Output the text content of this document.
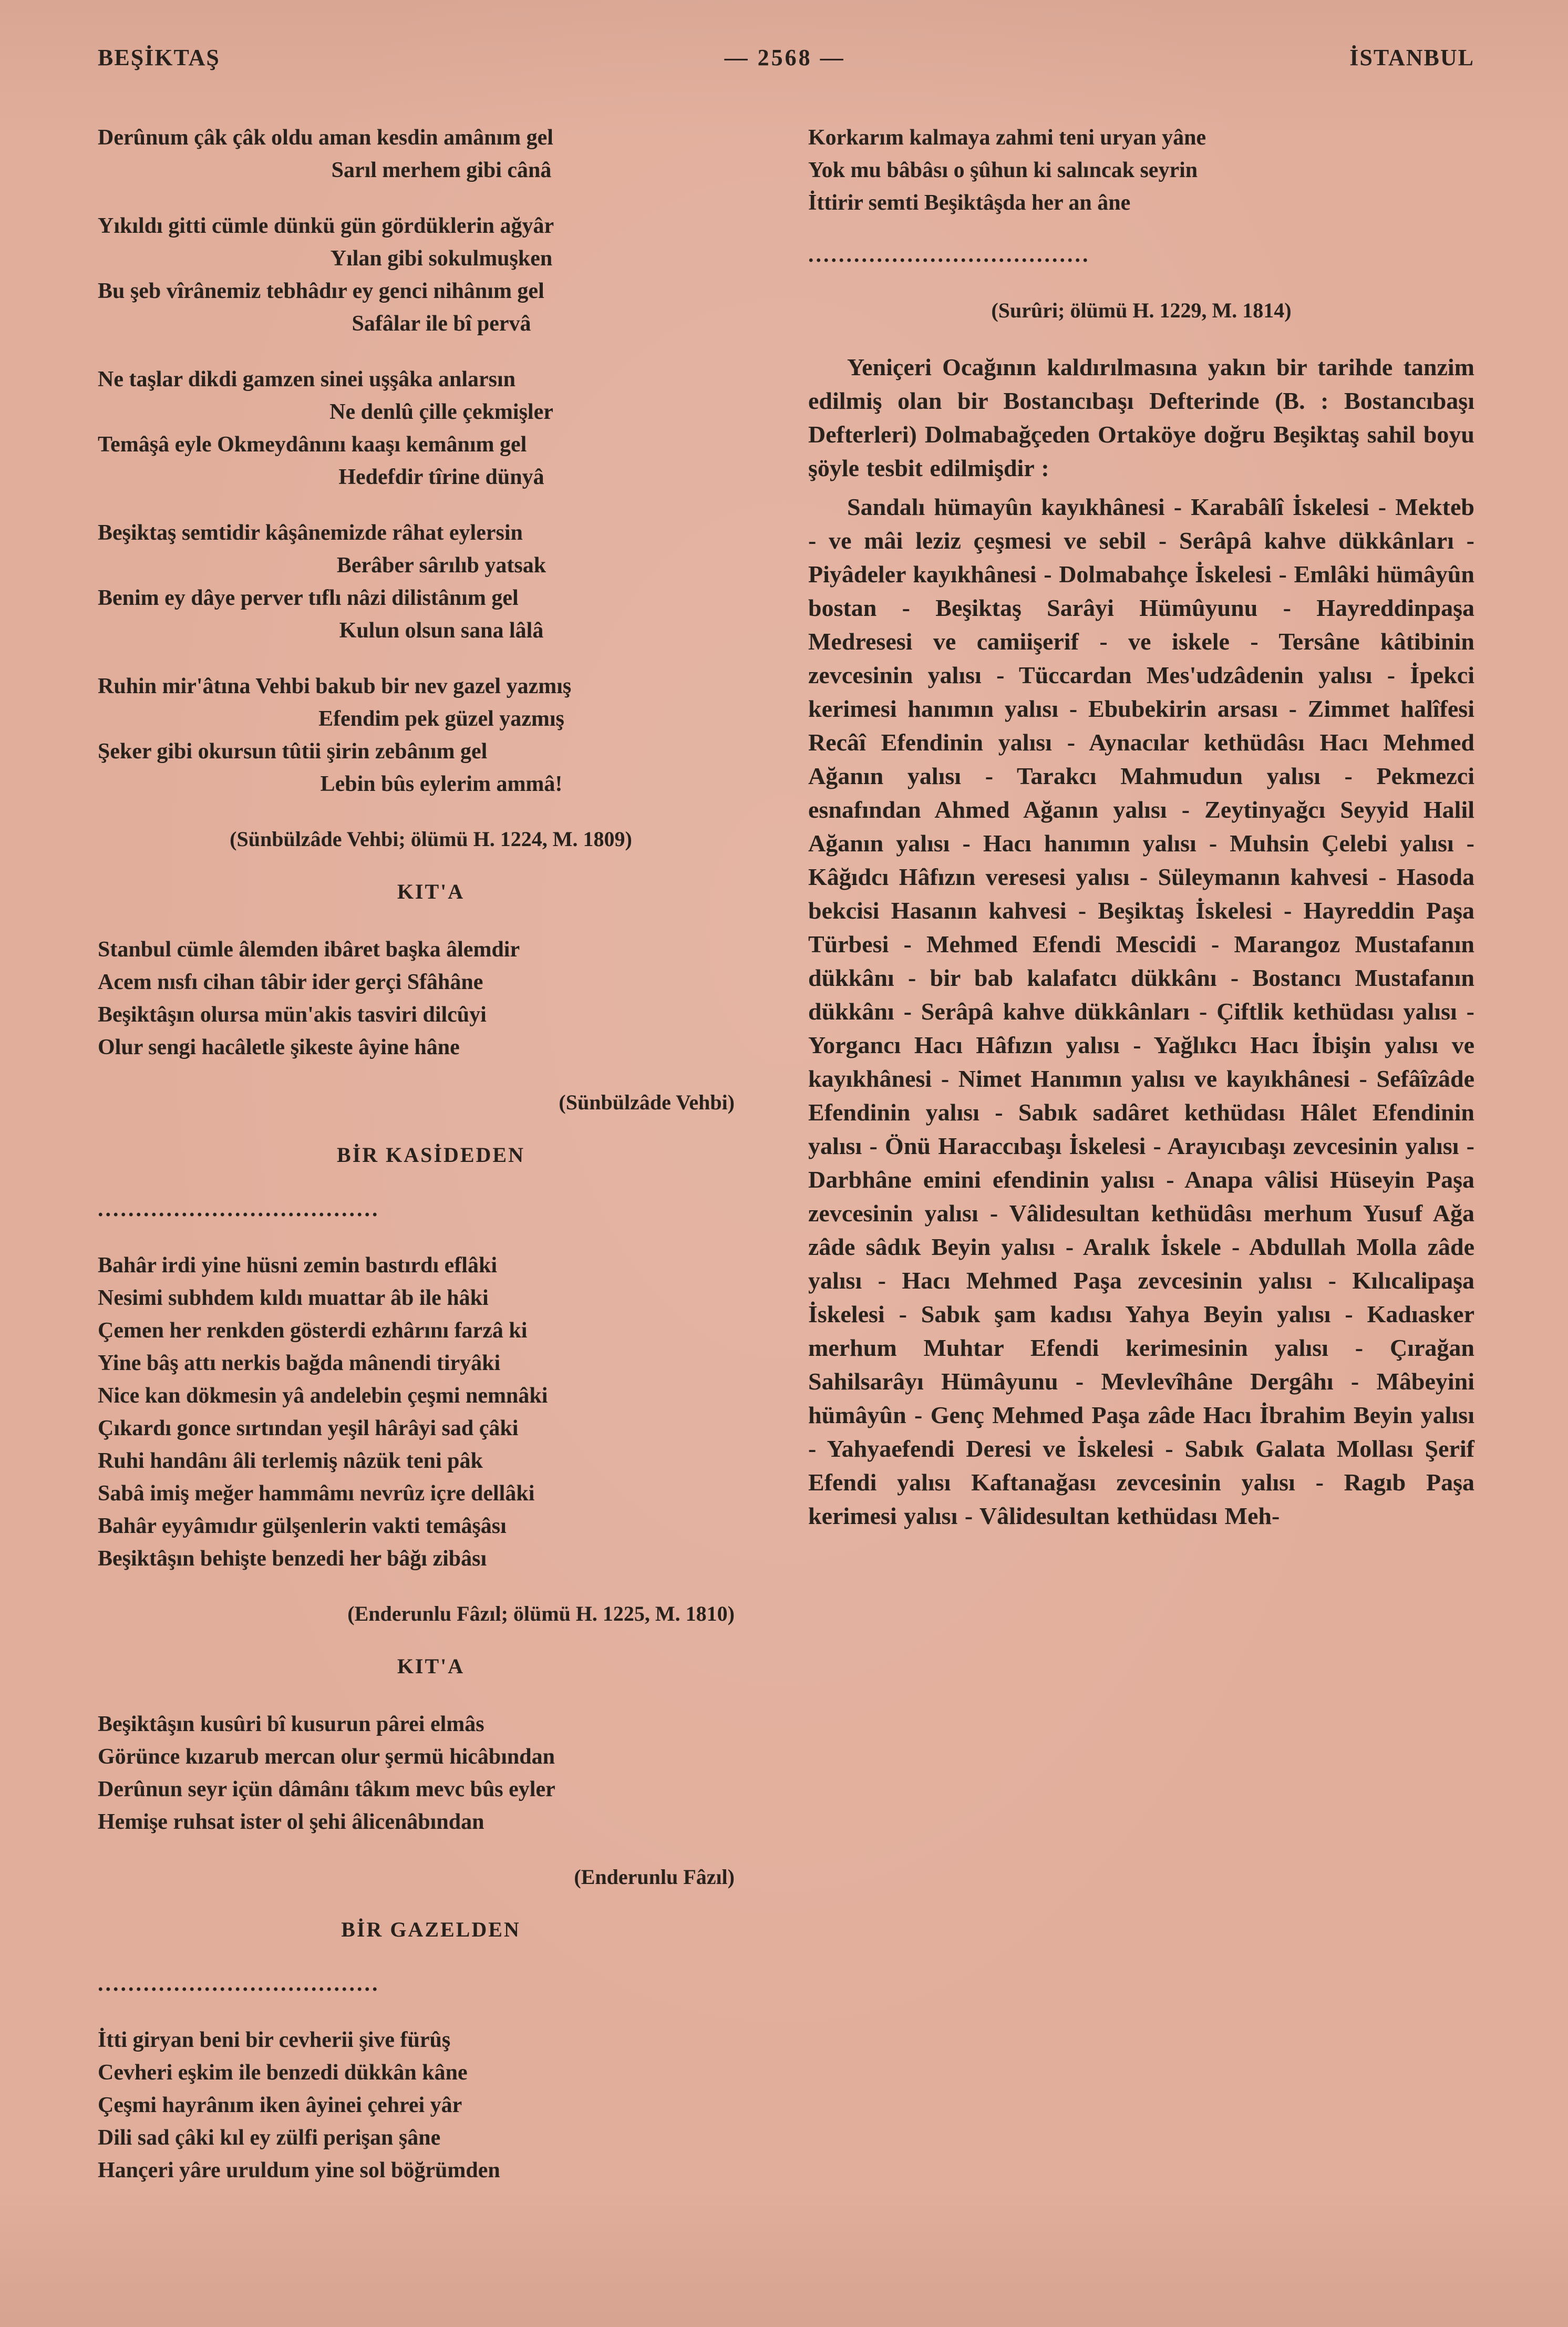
BEŞİKTAŞ	— 2568 —	İSTANBUL
Derûnum çâk çâk oldu aman kesdin amânım gel
Sarıl merhem gibi cânâ
Yıkıldı gitti cümle dünkü gün gördüklerin ağyâr
Yılan gibi sokulmuşken
Bu şeb vîrânemiz tebhâdır ey genci nihânım gel
Safâlar ile bî pervâ
Ne taşlar dikdi gamzen sinei uşşâka anlarsın
Ne denlû çille çekmişler
Temâşâ eyle Okmeydânını kaaşı kemânım gel
Hedefdir tîrine dünyâ
Beşiktaş semtidir kâşânemizde râhat eylersin
Berâber sârılıb yatsak
Benim ey dâye perver tıflı nâzi dilistânım gel
Kulun olsun sana lâlâ
Ruhin mir'âtına Vehbi bakub bir nev gazel yazmış
Efendim pek güzel yazmış
Şeker gibi okursun tûtii şirin zebânım gel
Lebin bûs eylerim ammâ!
(Sünbülzâde Vehbi; ölümü H. 1224, M. 1809)
KIT'A
Stanbul cümle âlemden ibâret başka âlemdir
Acem nısfı cihan tâbir ider gerçi Sfâhâne
Beşiktâşın olursa mün'akis tasviri dilcûyi
Olur sengi hacâletle şikeste âyine hâne
(Sünbülzâde Vehbi)
BİR KASİDEDEN
.....................................
Bahâr irdi yine hüsni zemin bastırdı eflâki
Nesimi subhdem kıldı muattar âb ile hâki
Çemen her renkden gösterdi ezhârını farzâ ki
Yine bâş attı nerkis bağda mânendi tiryâki
Nice kan dökmesin yâ andelebin çeşmi nemnâki
Çıkardı gonce sırtından yeşil hârâyi sad çâki
Ruhi handânı âli terlemiş nâzük teni pâk
Sabâ imiş meğer hammâmı nevrûz içre dellâki
Bahâr eyyâmıdır gülşenlerin vakti temâşâsı
Beşiktâşın behişte benzedi her bâğı zibâsı
(Enderunlu Fâzıl; ölümü H. 1225, M. 1810)
KIT'A
Beşiktâşın kusûri bî kusurun pârei elmâs
Görünce kızarub mercan olur şermü hicâbından
Derûnun seyr içün dâmânı tâkım mevc bûs eyler
Hemişe ruhsat ister ol şehi âlicenâbından
(Enderunlu Fâzıl)
BİR GAZELDEN
.....................................
İtti giryan beni bir cevherii şive fürûş
Cevheri eşkim ile benzedi dükkân kâne
Çeşmi hayrânım iken âyinei çehrei yâr
Dili sad çâki kıl ey zülfi perişan şâne
Hançeri yâre uruldum yine sol böğrümden
Korkarım kalmaya zahmi teni uryan yâne
Yok mu bâbâsı o şûhun ki salıncak seyrin
İttirir semti Beşiktâşda her an âne
.....................................
(Surûri; ölümü H. 1229, M. 1814)
Yeniçeri Ocağının kaldırılmasına yakın bir tarihde tanzim edilmiş olan bir Bostancıbaşı Defterinde (B. : Bostancıbaşı Defterleri) Dolmabağçeden Ortaköye doğru Beşiktaş sahil boyu şöyle tesbit edilmişdir :
Sandalı hümayûn kayıkhânesi - Karabâlî İskelesi - Mekteb - ve mâi leziz çeşmesi ve sebil - Serâpâ kahve dükkânları - Piyâdeler kayıkhânesi - Dolmabahçe İskelesi - Emlâki hümâyûn bostan - Beşiktaş Sarâyi Hümûyunu - Hayreddinpaşa Medresesi ve camiişerif - ve iskele - Tersâne kâtibinin zevcesinin yalısı - Tüccardan Mes'udzâdenin yalısı - İpekci kerimesi hanımın yalısı - Ebubekirin arsası - Zimmet halîfesi Recâî Efendinin yalısı - Aynacılar kethüdâsı Hacı Mehmed Ağanın yalısı - Tarakcı Mahmudun yalısı - Pekmezci esnafından Ahmed Ağanın yalısı - Zeytinyağcı Seyyid Halil Ağanın yalısı - Hacı hanımın yalısı - Muhsin Çelebi yalısı - Kâğıdcı Hâfızın veresesi yalısı - Süleymanın kahvesi - Hasoda bekcisi Hasanın kahvesi - Beşiktaş İskelesi - Hayreddin Paşa Türbesi - Mehmed Efendi Mescidi - Marangoz Mustafanın dükkânı - bir bab kalafatcı dükkânı - Bostancı Mustafanın dükkânı - Serâpâ kahve dükkânları - Çiftlik kethüdası yalısı - Yorgancı Hacı Hâfızın yalısı - Yağlıkcı Hacı İbişin yalısı ve kayıkhânesi - Nimet Hanımın yalısı ve kayıkhânesi - Sefâîzâde Efendinin yalısı - Sabık sadâret kethüdası Hâlet Efendinin yalısı - Önü Haraccıbaşı İskelesi - Arayıcıbaşı zevcesinin yalısı - Darbhâne emini efendinin yalısı - Anapa vâlisi Hüseyin Paşa zevcesinin yalısı - Vâlidesultan kethüdâsı merhum Yusuf Ağa zâde sâdık Beyin yalısı - Aralık İskele - Abdullah Molla zâde yalısı - Hacı Mehmed Paşa zevcesinin yalısı - Kılıcalipaşa İskelesi - Sabık şam kadısı Yahya Beyin yalısı - Kadıasker merhum Muhtar Efendi kerimesinin yalısı - Çırağan Sahilsarâyı Hümâyunu - Mevlevîhâne Dergâhı - Mâbeyini hümâyûn - Genç Mehmed Paşa zâde Hacı İbrahim Beyin yalısı - Yahyaefendi Deresi ve İskelesi - Sabık Galata Mollası Şerif Efendi yalısı Kaftanağası zevcesinin yalısı - Ragıb Paşa kerimesi yalısı - Vâlidesultan kethüdası Meh-
